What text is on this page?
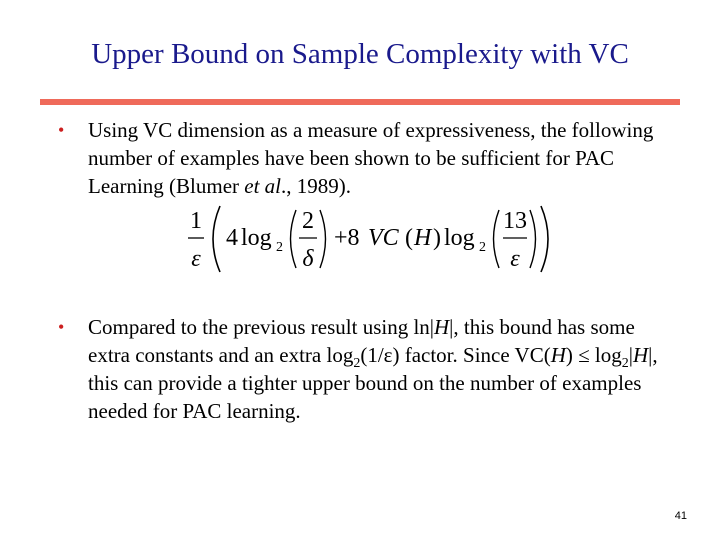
Upper Bound on Sample Complexity with VC
• Using VC dimension as a measure of expressiveness, the following number of examples have been shown to be sufficient for PAC Learning (Blumer et al., 1989).
1
ε
4 log 2
2
δ
+8 VC ( H ) log 2
13
ε
• Compared to the previous result using ln|H|, this bound has some extra constants and an extra $\log_2(1/\varepsilon)$ factor. Since $VC(H) \le \log_2|H|$, this can provide a tighter upper bound on the number of examples needed for PAC learning.
41
